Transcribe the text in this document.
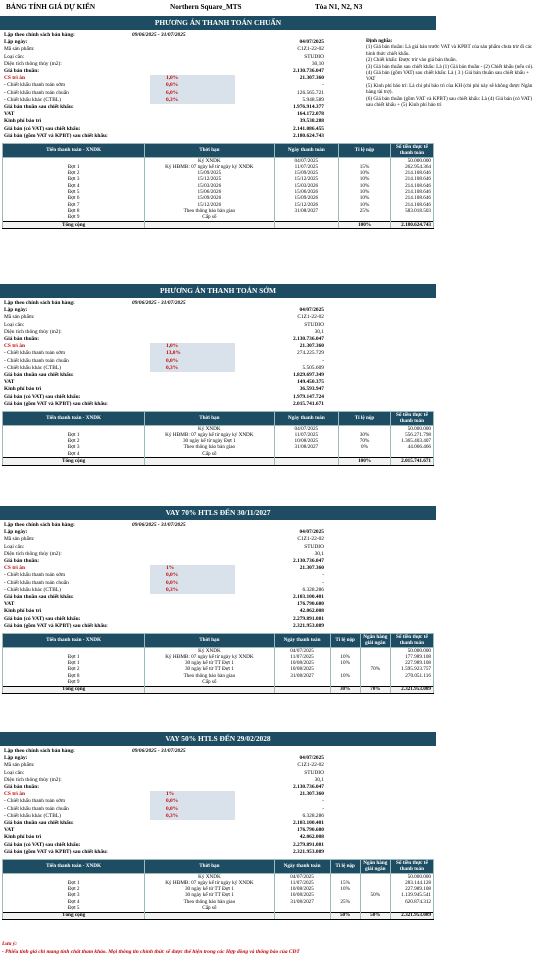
BẢNG TÍNH GIÁ DỰ KIẾN	Northern Square_MTS	Tòa N1, N2, N3
Định nghĩa:
(1) Giá bán thuần: Là giá bán trước VAT và KPBT của sản phẩm chưa trừ đi các hình thức chiết khấu.
(2) Chiết khấu: Được trừ vào giá bán thuần.
(3) Giá bán thuần sau chiết khấu: Là (1) Giá bán thuần - (2) Chiết khấu (nếu có).
(4) Giá bán (gồm VAT) sau chiết khấu: Là ( 3 ) Giá bán thuần sau chiết khấu + VAT
(5) Kinh phí bảo trì: Là chi phí bảo trì của KH (chỉ phí này sẽ không được Ngân hàng tài trợ).
(6) Giá bán thuần (gồm VAT và KPBT) sau chiết khấu: Là (4) Giá bán (có VAT) sau chiết khấu + (5) Kinh phí bảo trì
PHƯƠNG ÁN THANH TOÁN CHUẨN
Lập theo chính sách bán hàng:	09/06/2025 - 31/07/2025
Lập ngày:	04/07/2025
Mã sản phẩm:	C1Z1-22-02
Loại căn:	STUDIO
Diện tích thông thủy (m2):	30,10
Giá bán thuần:	2.130.736.047
CS trì ân	1,0%	21.307.360
- Chiết khấu thanh toán sớm	0,0%	-
- Chiết khấu thanh toán chuẩn	6,0%	126.565.721
- Chiết khấu khác (CTBL)	0,3%	5.948.589
Giá bán thuần sau chiết khấu:	1.976.914.377
VAT	164.172.078
Kinh phí bảo trì	39.538.288
Giá bán (có VAT) sau chiết khấu:	2.141.086.455
Giá bán (gồm VAT và KPBT) sau chiết khấu:	2.180.624.743
Tiến thanh toán - XNDK	Thời hạn	Ngày thanh toán	Tỉ lệ nộp	Số tiền thực tế thanh toán
	Ký XNDK	04/07/2025		50.000.000
Đợt 1	Ký HĐMB: 07 ngày kể từ ngày ký XNDK	11/07/2025	15%	262.954.364
Đợt 2	15/09/2025	15/09/2025	10%	214.108.646
Đợt 3	15/12/2025	15/12/2025	10%	214.108.646
Đợt 4	15/03/2026	15/03/2026	10%	214.108.646
Đợt 5	15/06/2026	15/06/2026	10%	214.108.646
Đợt 6	15/09/2026	15/09/2026	10%	214.108.646
Đợt 7	15/12/2026	15/12/2026	10%	214.108.646
Đợt 8	Theo thông báo bàn giao	31/08/2027	25%	583.018.503
Đợt 9	Cấp sổ			
Tổng cộng			100%	2.180.624.743
PHƯƠNG ÁN THANH TOÁN SỚM
Lập theo chính sách bán hàng:	09/06/2025 - 31/07/2025
Lập ngày:	04/07/2025
Mã sản phẩm:	C1Z1-22-02
Loại căn:	STUDIO
Diện tích thông thủy (m2):	30,1
Giá bán thuần:	2.130.736.047
CS trì ân	1,0%	21.307.360
- Chiết khấu thanh toán sớm	13,0%	274.225.729
- Chiết khấu thanh toán chuẩn	0,0%	-
- Chiết khấu khác (CTBL)	0,3%	5.505.609
Giá bán thuần sau chiết khấu:	1.829.697.349
VAT	149.450.375
Kinh phí bảo trì	36.593.947
Giá bán (có VAT) sau chiết khấu:	1.979.147.724
Giá bán (gồm VAT và KPBT) sau chiết khấu:	2.015.741.671
Tiến thanh toán - XNDK	Thời hạn	Ngày thanh toán	Tỉ lệ nộp	Số tiền thực tế thanh toán
	Ký XNDK	04/07/2025		50.000.000
Đợt 1	Ký HĐMB: 07 ngày kể từ ngày ký XNDK	11/07/2025	30%	556.271.798
Đợt 2	30 ngày kể từ ngày Đợt 1	10/08/2025	70%	1.365.403.407
Đợt 3	Theo thông báo bàn giao	31/08/2027	0%	44.066.466
Đợt 4	Cấp sổ			
Tổng cộng			100%	2.015.741.671
VAY 70% HTLS ĐẾN 30/11/2027
Lập theo chính sách bán hàng:	09/06/2025 - 31/07/2025
Lập ngày:	04/07/2025
Mã sản phẩm:	C1Z1-22-02
Loại căn:	STUDIO
Diện tích thông thủy (m2):	30,1
Giá bán thuần:	2.130.736.047
CS trì ân	1%	21.307.360
- Chiết khấu thanh toán sớm	0,0%	-
- Chiết khấu thanh toán chuẩn	0,0%	-
- Chiết khấu khác (CTBL)	0,3%	6.328.286
Giá bán thuần sau chiết khấu:	2.103.100.401
VAT	176.790.680
Kinh phí bảo trì	42.062.008
Giá bán (có VAT) sau chiết khấu:	2.279.891.081
Giá bán (gồm VAT và KPBT) sau chiết khấu:	2.321.953.089
Tiến thanh toán - XNDK	Thời hạn	Ngày thanh toán	Tỉ lệ nộp	Ngân hàng giải ngân	Số tiền thực tế thanh toán
	Ký XNDK	04/07/2025			50.000.000
Đợt 1	Ký HĐMB: 07 ngày kể từ ngày ký XNDK	11/07/2025	10%		177.989.108
Đợt 1	30 ngày kể từ TT Đợt 1	10/08/2025	10%		227.989.108
Đợt 2	30 ngày kể từ TT Đợt 1	10/08/2025		70%	1.595.923.757
Đợt 8	Theo thông báo bàn giao	31/08/2027	10%		270.051.116
Đợt 9	Cấp sổ				
Tổng cộng			30%	70%	2.321.953.089
VAY 50% HTLS ĐẾN 29/02/2028
Lập theo chính sách bán hàng:	09/06/2025 - 31/07/2025
Lập ngày:	04/07/2025
Mã sản phẩm:	C1Z1-22-02
Loại căn:	STUDIO
Diện tích thông thủy (m2):	30,1
Giá bán thuần:	2.130.736.047
CS trì ân	1%	21.307.360
- Chiết khấu thanh toán sớm	0,0%	-
- Chiết khấu thanh toán chuẩn	0,0%	-
- Chiết khấu khác (CTBL)	0,3%	6.328.286
Giá bán thuần sau chiết khấu:	2.103.100.401
VAT	176.790.680
Kinh phí bảo trì	42.062.008
Giá bán (có VAT) sau chiết khấu:	2.279.891.081
Giá bán (gồm VAT và KPBT) sau chiết khấu:	2.321.953.089
Tiến thanh toán - XNDK	Thời hạn	Ngày thanh toán	Tỉ lệ nộp	Ngân hàng giải ngân	Số tiền thực tế thanh toán
	Ký XNDK	04/07/2025			50.000.000
Đợt 1	Ký HĐMB: 07 ngày kể từ ngày ký XNDK	11/07/2025	15%		283.144.128
Đợt 2	30 ngày kể từ TT Đợt 1	10/08/2025	10%		227.989.108
Đợt 3	30 ngày kể từ TT Đợt 1	10/08/2025		50%	1.139.945.541
Đợt 4	Theo thông báo bàn giao	31/08/2027	25%		620.874.312
Đợt 5	Cấp sổ				
Tổng cộng			50%	50%	2.321.953.089
Lưu ý:
- Phiếu tính giá chỉ mang tính chất tham khảo. Mọi thông tin chính thức sẽ được thể hiện trong các Hợp đồng và thông báo của CĐT
